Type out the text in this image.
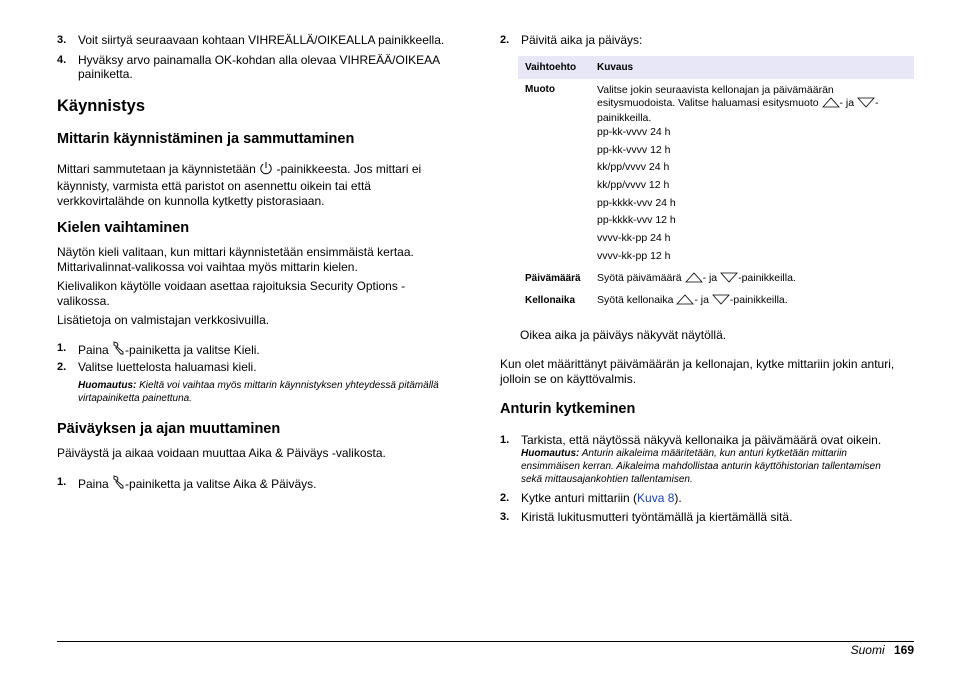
3. Voit siirtyä seuraavaan kohtaan VIHREÄLLÄ/OIKEALLA painikkeella.
4. Hyväksy arvo painamalla OK-kohdan alla olevaa VIHREÄÄ/OIKEAA painiketta.
Käynnistys
Mittarin käynnistäminen ja sammuttaminen

Mittari sammutetaan ja käynnistetään  -painikkeesta. Jos mittari ei käynnisty, varmista että paristot on asennettu oikein tai että verkkovirtalähde on kunnolla kytketty pistorasiaan.

Kielen vaihtaminen

Näytön kieli valitaan, kun mittari käynnistetään ensimmäistä kertaa. Mittarivalinnat-valikossa voi vaihtaa myös mittarin kielen.

Kielivalikon käytölle voidaan asettaa rajoituksia Security Options -valikossa.

Lisätietoja on valmistajan verkkosivuilla.

1. Paina -painiketta ja valitse Kieli.
2. Valitse luettelosta haluamasi kieli.
Huomautus: Kieltä voi vaihtaa myös mittarin käynnistyksen yhteydessä pitämällä virtapainiketta painettuna.
Päiväyksen ja ajan muuttaminen

Päiväystä ja aikaa voidaan muuttaa Aika & Päiväys -valikosta.

1. Paina -painiketta ja valitse Aika & Päiväys.
2. Päivitä aika ja päiväys:
Vaihtoehto Kuvaus
Muoto	Valitse jokin seuraavista kellonajan ja päivämäärän esitysmuodoista. Valitse haluamasi esitysmuoto - ja -painikkeilla.
pp-kk-vvvv 24 h
pp-kk-vvvv 12 h
kk/pp/vvvv 24 h
kk/pp/vvvv 12 h
pp-kkkk-vvv 24 h
pp-kkkk-vvv 12 h
vvvv-kk-pp 24 h
vvvv-kk-pp 12 h
Päivämäärä Syötä päivämäärä - ja -painikkeilla.
Kellonaika Syötä kellonaika - ja -painikkeilla.

Oikea aika ja päiväys näkyvät näytöllä.

Kun olet määrittänyt päivämäärän ja kellonajan, kytke mittariin jokin anturi, jolloin se on käyttövalmis.

Anturin kytkeminen
1. Tarkista, että näytössä näkyvä kellonaika ja päivämäärä ovat oikein.
Huomautus: Anturin aikaleima määritetään, kun anturi kytketään mittariin ensimmäisen kerran. Aikaleima mahdollistaa anturin käyttöhistorian tallentamisen sekä mittausajankohtien tallentamisen.
2. Kytke anturi mittariin (Kuva 8).
3. Kiristä lukitusmutteri työntämällä ja kiertämällä sitä.
Suomi 169
